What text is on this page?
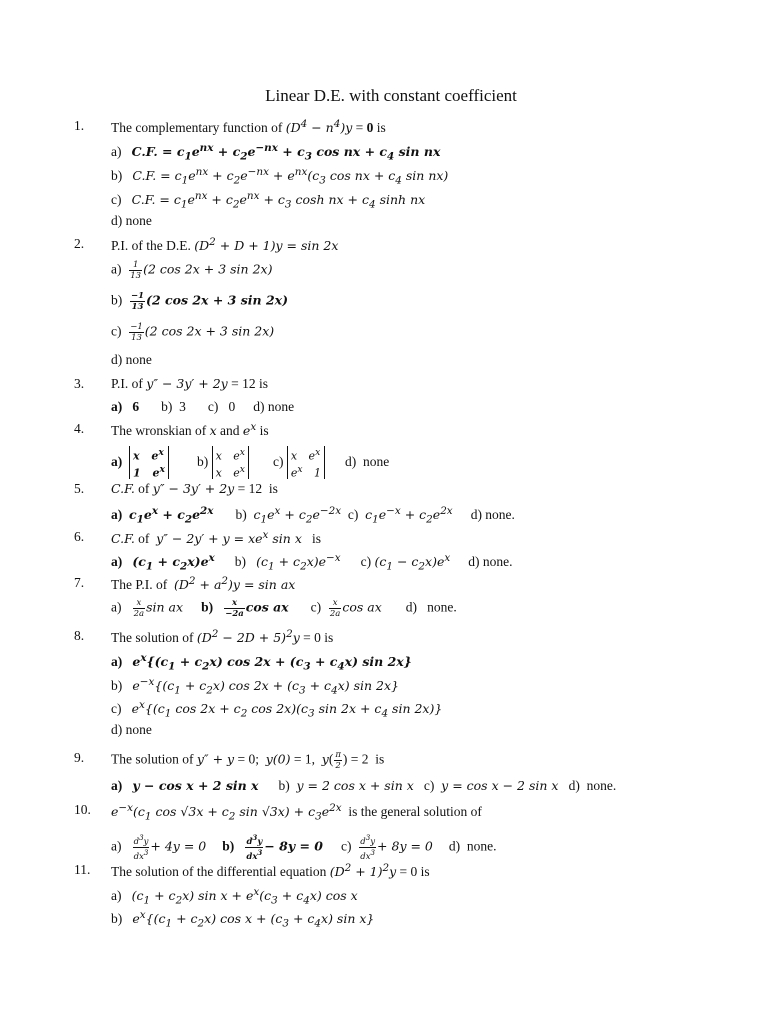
Linear D.E. with constant coefficient
1. The complementary function of $(D^4 - n^4)y = 0$ is
a)   C.F. = $c_1e^{nx} + c_2e^{-nx} + c_3$ cos nx + $c_4$ sin nx
b)   C.F. = $c_1e^{nx} + c_2e^{-nx} + e^{nx}(c_3$ cos nx + $c_4$ sin nx)
c)   C.F. = $c_1e^{nx} + c_2e^{nx} + c_3$ cosh nx + $c_4$ sinh nx
d) none
2. P.I. of the D.E. $(D^2 + D + 1)y = \sin 2x$
$a) \frac{1}{13} (2$ cos 2x + 3 sin 2x)
$b) \frac{-1}{13} (2$ cos 2x + 3 sin 2x)
$c) \frac{-1}{13} (2$ cos 2x + 3 sin 2x)
d) none
3. P.I. of y″ − 3y′ + 2y = 12 is
a)   6 b)  3 c)   0 d) none
4. The wronskian of x and $e^x$ is
a) x $e^x$
1 $e^x$
b) x $e^x$
x $e^x$
c) x $e^x$
$e^x$ 1
d)  none
5. C.F. of y″ − 3y′ + 2y = 12  is
a) $c_1e^x + c_2e^{2x}$ b)  $c_1e^x + c_2e^{-2x}$  c)  $c_1e^{-x} + c_2e^{2x}$ d) none.
6. C.F. of  $y'' - 2y' + y = xe^x$ sin x   is
a) $(c_1 + c_2x)e^x$ b)   $(c_1 + c_2x)e^{-x}$ c) $(c_1 - c_2x)e^x$ d) none.
7. The P.I. of  $(D^2 + a^2)y = \sin$ ax
$a) \frac{x}{2a}$ sin ax $b) \frac{x}{-2a}$ cos ax $c) \frac{x}{2a}$ cos ax d)   none.
8. The solution of $(D^2 - 2D + 5)^2y = 0$ is
a) $e^x\{(c_1 + c_2x)$ $\cos 2x + (c_3 + c_4x)$ sin 2x}
b)   $e^{-x}\{(c_1 + c_2x)$ $\cos 2x + (c_3 + c_4x)$ sin 2x}
c)   $e^x\{(c_1$ $\cos 2x + c_2$ $\cos 2x)(c_3$ $\sin 2x + c_4$ sin 2x)}
d) none
9. The solution of y″ + y = 0;  y(0) = 1,  $y( \frac{\pi}{2}$ ) = 2  is
a) y − cos x + 2 sin x b)  y = 2 cos x + sin x   c)  y = cos x − 2 sin x   d)  none.
10. $e^{-x}(c_1$ $\cos √3x + c_2$ $\sin √3x) + c_3e^{2x}$  is the general solution of
$a) \frac{d^3y}{dx^3} + 4y = 0$ $b) \frac{d^3y}{dx^3} - 8y = 0$ $c) \frac{d^3y}{dx^3} + 8y = 0$ d)  none.
11. The solution of the differential equation $(D^2 + 1)^2y = 0$ is
a)   $(c_1 + c_2x)$ $\sin x + e^x(c_3 + c_4x)$ cos x
b)   $e^x\{(c_1 + c_2x)$ $\cos x + (c_3 + c_4x)$ sin x}
